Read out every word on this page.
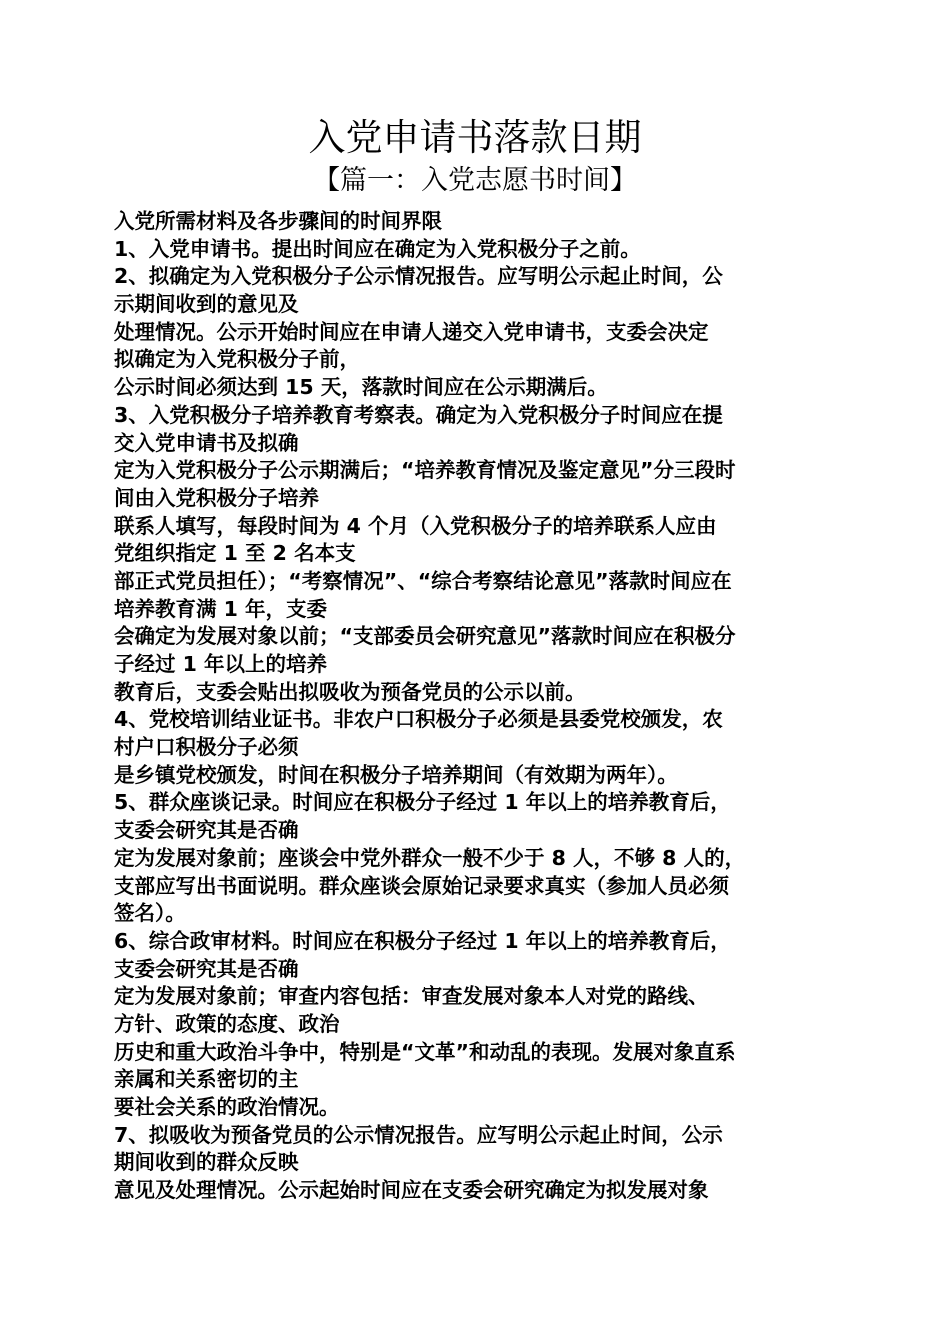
入党申请书落款日期
【篇一：入党志愿书时间】
入党所需材料及各步骤间的时间界限
1、入党申请书。提出时间应在确定为入党积极分子之前。
2、拟确定为入党积极分子公示情况报告。应写明公示起止时间，公
示期间收到的意见及
处理情况。公示开始时间应在申请人递交入党申请书，支委会决定
拟确定为入党积极分子前，
公示时间必须达到 15 天，落款时间应在公示期满后。
3、入党积极分子培养教育考察表。确定为入党积极分子时间应在提
交入党申请书及拟确
定为入党积极分子公示期满后；“培养教育情况及鉴定意见”分三段时
间由入党积极分子培养
联系人填写，每段时间为 4 个月（入党积极分子的培养联系人应由
党组织指定 1 至 2 名本支
部正式党员担任）；“考察情况”、“综合考察结论意见”落款时间应在
培养教育满 1 年，支委
会确定为发展对象以前；“支部委员会研究意见”落款时间应在积极分
子经过 1 年以上的培养
教育后，支委会贴出拟吸收为预备党员的公示以前。
4、党校培训结业证书。非农户口积极分子必须是县委党校颁发，农
村户口积极分子必须
是乡镇党校颁发，时间在积极分子培养期间（有效期为两年）。
5、群众座谈记录。时间应在积极分子经过 1 年以上的培养教育后，
支委会研究其是否确
定为发展对象前；座谈会中党外群众一般不少于 8 人，不够 8 人的，
支部应写出书面说明。群众座谈会原始记录要求真实（参加人员必须
签名）。
6、综合政审材料。时间应在积极分子经过 1 年以上的培养教育后，
支委会研究其是否确
定为发展对象前；审查内容包括：审查发展对象本人对党的路线、
方针、政策的态度、政治
历史和重大政治斗争中，特别是“文革”和动乱的表现。发展对象直系
亲属和关系密切的主
要社会关系的政治情况。
7、拟吸收为预备党员的公示情况报告。应写明公示起止时间，公示
期间收到的群众反映
意见及处理情况。公示起始时间应在支委会研究确定为拟发展对象
